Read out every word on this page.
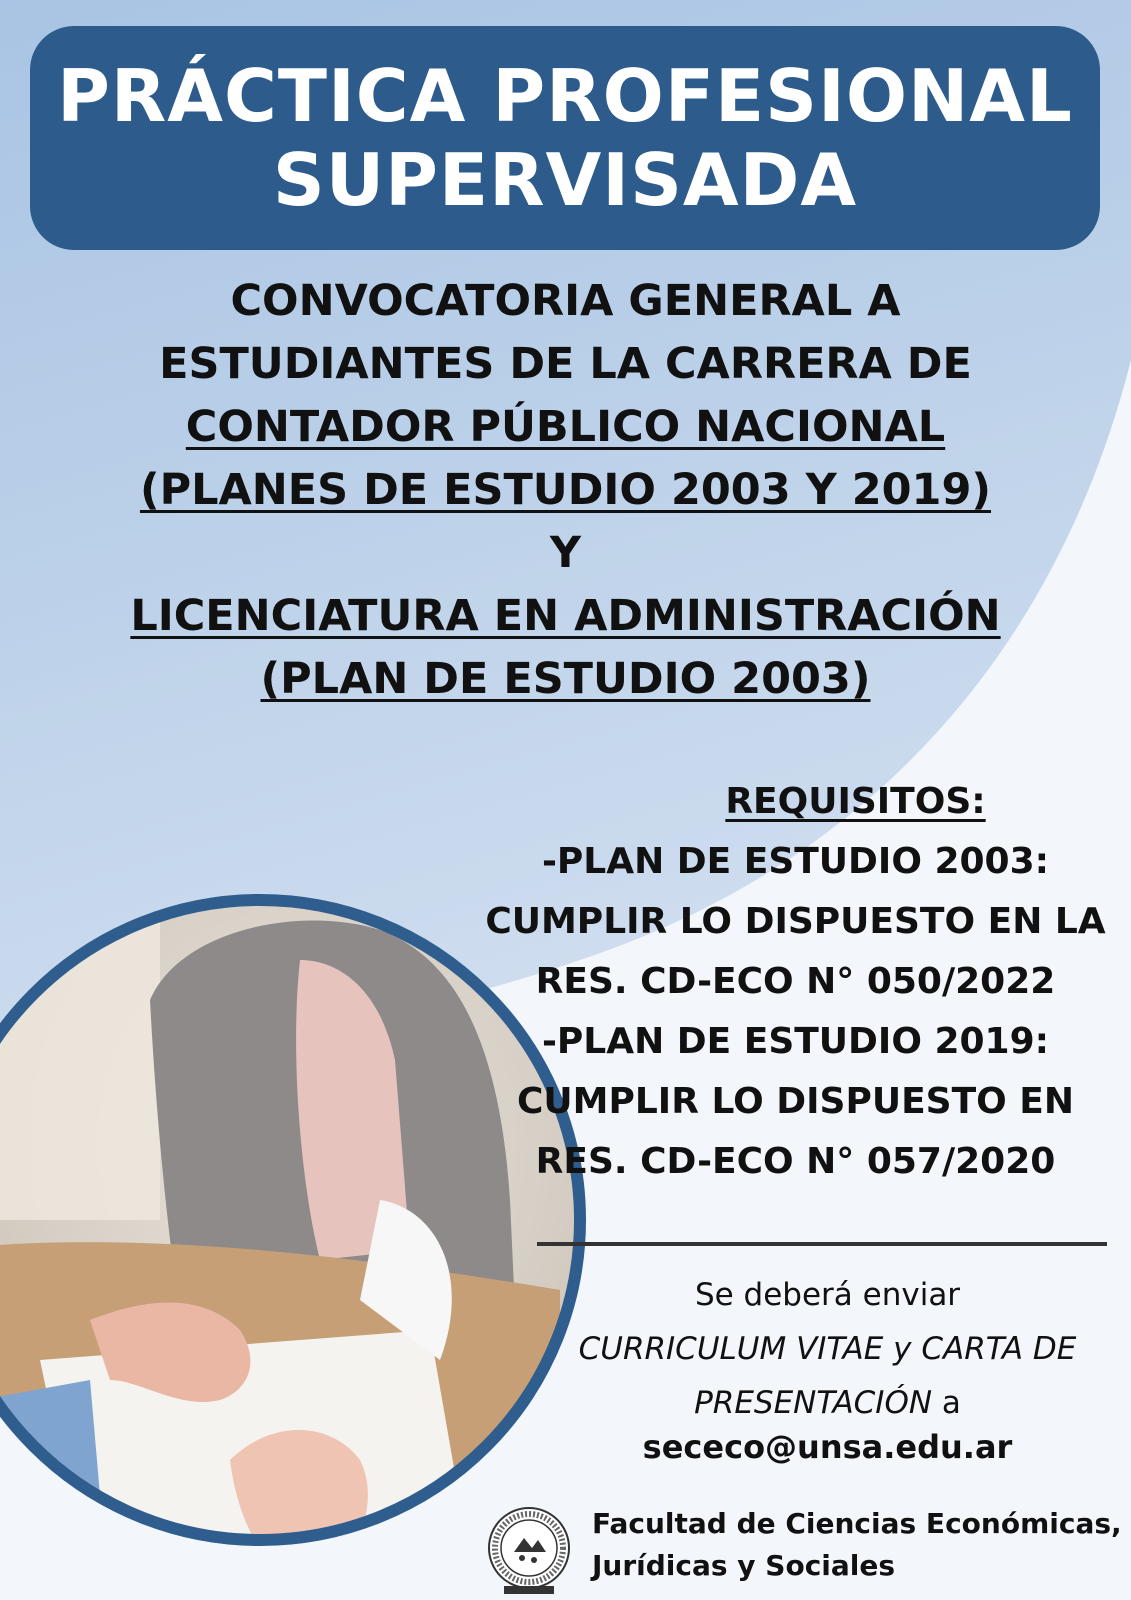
PRÁCTICA PROFESIONAL
SUPERVISADA
CONVOCATORIA GENERAL A
ESTUDIANTES DE LA CARRERA DE
CONTADOR PÚBLICO NACIONAL
(PLANES DE ESTUDIO 2003 Y 2019)
Y
LICENCIATURA EN ADMINISTRACIÓN
(PLAN DE ESTUDIO 2003)
REQUISITOS:
-PLAN DE ESTUDIO 2003:
CUMPLIR LO DISPUESTO EN LA
RES. CD-ECO N° 050/2022
-PLAN DE ESTUDIO 2019:
CUMPLIR LO DISPUESTO EN
RES. CD-ECO N° 057/2020
Se deberá enviar
CURRICULUM VITAE y CARTA DE
PRESENTACIÓN a
sececo@unsa.edu.ar
Facultad de Ciencias Económicas,
Jurídicas y Sociales
